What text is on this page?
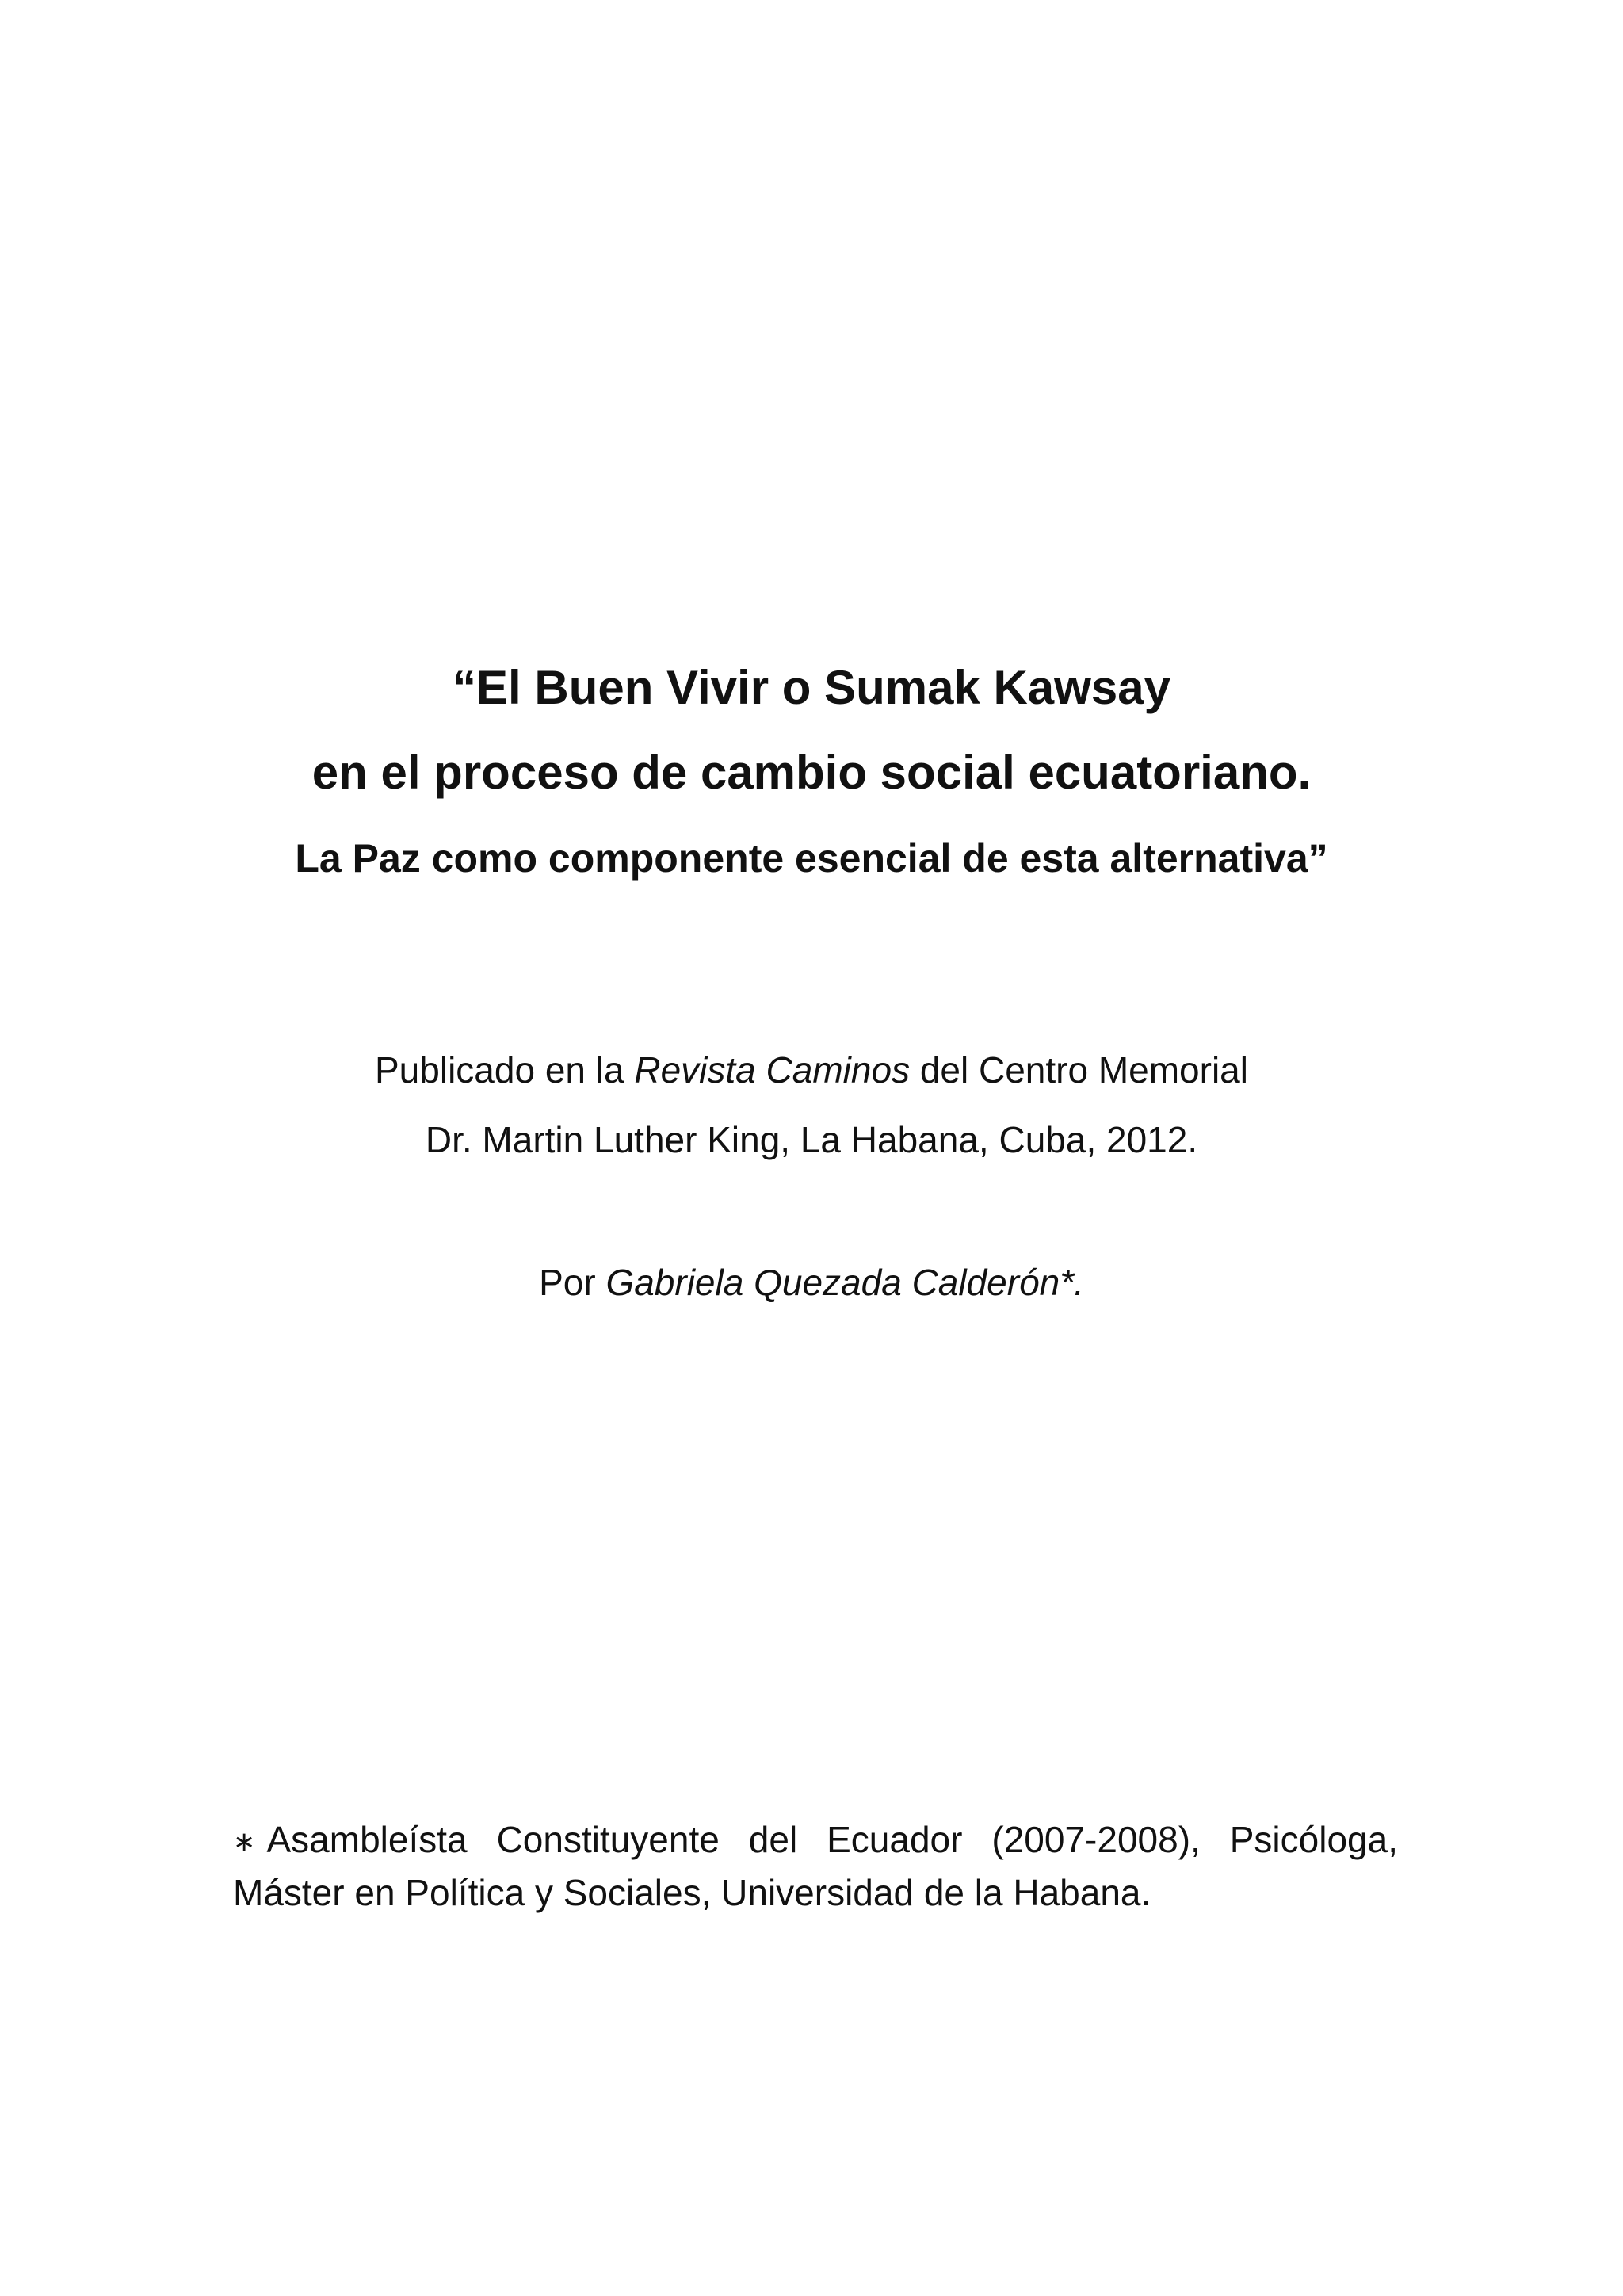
“El Buen Vivir o Sumak Kawsay

en el proceso de cambio social ecuatoriano.

La Paz como componente esencial de esta alternativa”

Publicado en la Revista Caminos del Centro Memorial
Dr. Martin Luther King, La Habana, Cuba, 2012.
Por Gabriela Quezada Calderón*.
∗ Asambleísta Constituyente del Ecuador (2007-2008), Psicóloga,
Máster en Política y Sociales, Universidad de la Habana.
